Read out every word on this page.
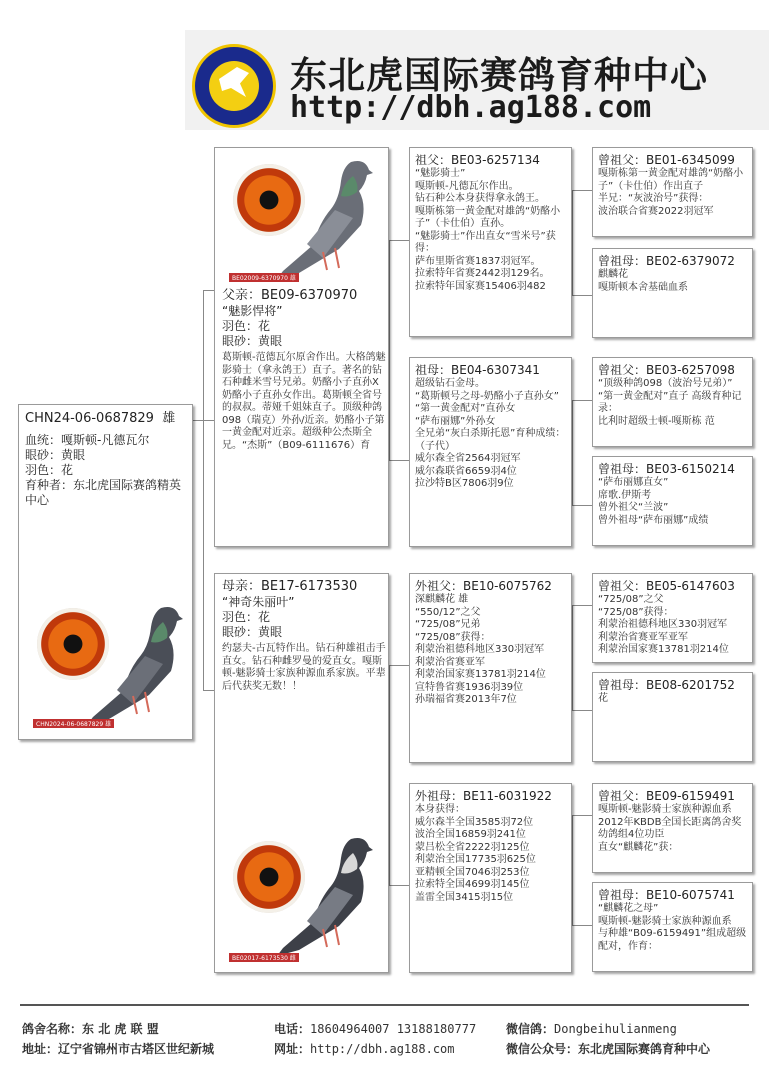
东北虎国际赛鸽育种中心
http://dbh.ag188.com
CHN24-06-0687829 雄
血统：嘎斯顿-凡德瓦尔
眼砂：黄眼
羽色：花
育种者：东北虎国际赛鸽精英中心
CHN2024-06-0687829 雄
BE02009-6370970 雄
父亲：BE09-6370970
“魅影悍将”
羽色：花
眼砂：黄眼
葛斯顿-范德瓦尔原舍作出。大格鸽魅影骑士（拿永鸽王）直子。著名的钻石种雌米雪号兄弟。奶酪小子直孙X奶酪小子直孙女作出。葛斯顿全省号的叔叔。蒂娅千姐妹直子。顶级种鸽098（瑞克）外孙/近亲。奶酪小子第一黄金配对近亲。超级种公杰斯全兄。“杰斯”（B09-6111676）育
母亲：BE17-6173530
“神奇朱丽叶”
羽色：花
眼砂：黄眼
约瑟夫-古瓦特作出。钻石种雄祖击手直女。钻石种雌罗曼的爱直女。嘎斯顿-魅影骑士家族种源血系家族。平辈后代获奖无数！！
BE02017-6173530 雌
祖父：BE03-6257134
“魅影骑士”
嘎斯顿-凡德瓦尔作出。
钻石种公本身获得拿永鸽王。
嘎斯栋第一黄金配对雄鸽“奶酪小子”（卡仕伯）直孙。
“魅影骑士”作出直女“雪米号”获得：
萨布里斯省赛1837羽冠军。
拉索特年省赛2442羽129名。
拉索特年国家赛15406羽482
祖母：BE04-6307341
超级钻石金母。
“葛斯顿号之母-奶酪小子直孙女”
“第一黄金配对”直孙女
“萨布丽娜”外孙女
全兄弟“灰白杀斯托恩”育种成绩：（子代）
威尔森全省2564羽冠军
威尔森联省6659羽4位
拉沙特B区7806羽9位
外祖父：BE10-6075762
深麒麟花 雄
“550/12”之父
“725/08”兄弟
“725/08”获得：
利蒙治祖德科地区330羽冠军
利蒙治省赛亚军
利蒙治国家赛13781羽214位
宣特鲁省赛1936羽39位
孙瑞福省赛2013年7位
外祖母：BE11-6031922
本身获得：
威尔森半全国3585羽72位
波治全国16859羽241位
蒙吕松全省2222羽125位
利蒙治全国17735羽625位
亚精顿全国7046羽253位
拉索特全国4699羽145位
盖雷全国3415羽15位
曾祖父：BE01-6345099
嘎斯栋第一黄金配对雄鸽“奶酪小子”（卡仕伯）作出直子
半兄：“灰波治号”获得：
波治联合省赛2022羽冠军
曾祖母：BE02-6379072
麒麟花
嘎斯顿本舍基础血系
曾祖父：BE03-6257098
“顶级种鸽098（波治号兄弟）”
“第一黄金配对”直子 高级育种记录：
比利时超级士顿-嘎斯栋 范
曾祖母：BE03-6150214
“萨布丽娜直女”
席歌.伊斯考
曾外祖父“兰波”
曾外祖母“萨布丽娜”成绩
曾祖父：BE05-6147603
“725/08”之父
“725/08”获得：
利蒙治祖德科地区330羽冠军
利蒙治省赛亚军亚军
利蒙治国家赛13781羽214位
曾祖母：BE08-6201752
花
曾祖父：BE09-6159491
嘎斯顿-魅影骑士家族种源血系
2012年KBDB全国长距离鸽舍奖幼鸽组4位功臣
直女“麒麟花”获：
曾祖母：BE10-6075741
“麒麟花之母”
嘎斯顿-魅影骑士家族种源血系
与种雄“B09-6159491”组成超级配对，作育：
鸽舍名称：东 北 虎 联 盟	电话：18604964007 13188180777 微信鸽：Dongbeihulianmeng
地址：辽宁省锦州市古塔区世纪新城	网址：http://dbh.ag188.com	微信公众号：东北虎国际赛鸽育种中心
